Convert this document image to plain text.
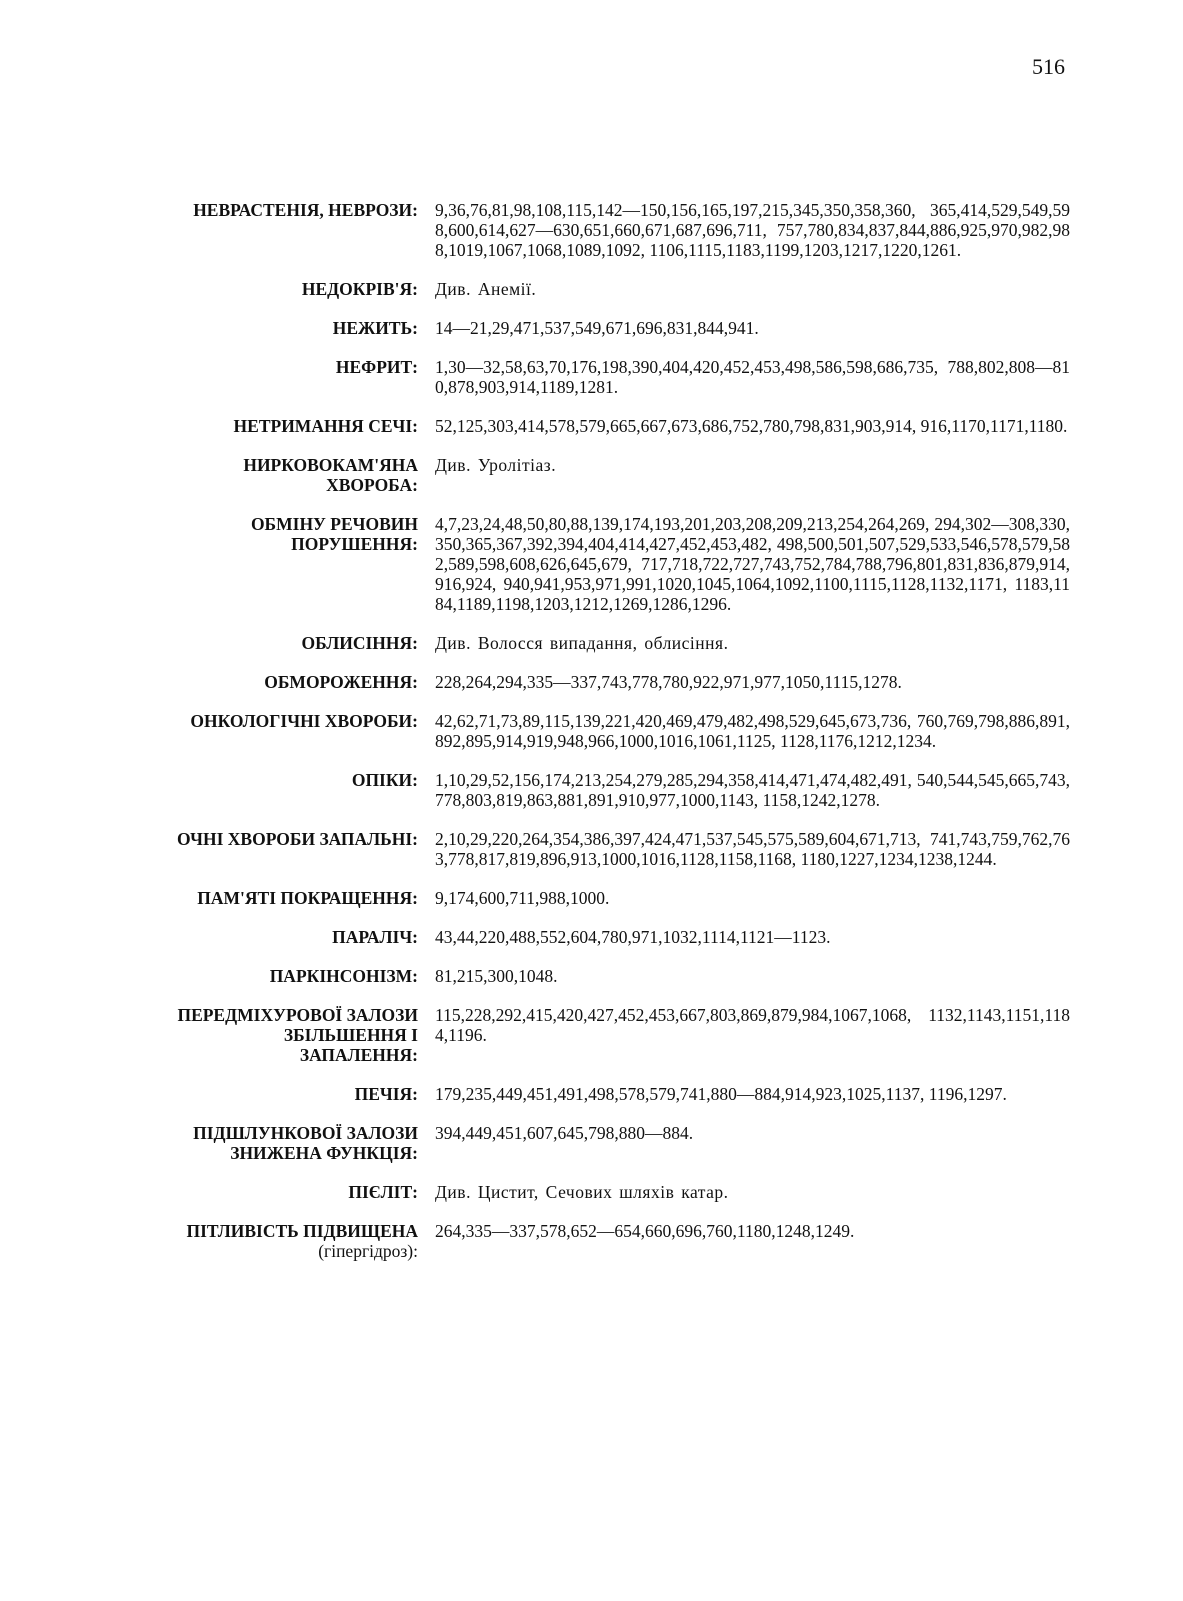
516
НЕВРАСТЕНІЯ, НЕВРОЗИ: 9,36,76,81,98,108,115,142—150,156,165,197,215,345,350,358,360, 365,414,529,549,598,600,614,627—630,651,660,671,687,696,711, 757,780,834,837,844,886,925,970,982,988,1019,1067,1068,1089,1092, 1106,1115,1183,1199,1203,1217,1220,1261.
НЕДОКРІВ'Я: Див. Анемії.
НЕЖИТЬ: 14—21,29,471,537,549,671,696,831,844,941.
НЕФРИТ: 1,30—32,58,63,70,176,198,390,404,420,452,453,498,586,598,686,735, 788,802,808—810,878,903,914,1189,1281.
НЕТРИМАННЯ СЕЧІ: 52,125,303,414,578,579,665,667,673,686,752,780,798,831,903,914, 916,1170,1171,1180.
НИРКОВОКАМ'ЯНА
ХВОРОБА:
Див. Уролітіаз.
ОБМІНУ РЕЧОВИН
ПОРУШЕННЯ:
4,7,23,24,48,50,80,88,139,174,193,201,203,208,209,213,254,264,269, 294,302—308,330,350,365,367,392,394,404,414,427,452,453,482, 498,500,501,507,529,533,546,578,579,582,589,598,608,626,645,679, 717,718,722,727,743,752,784,788,796,801,831,836,879,914,916,924, 940,941,953,971,991,1020,1045,1064,1092,1100,1115,1128,1132,1171, 1183,1184,1189,1198,1203,1212,1269,1286,1296.
ОБЛИСІННЯ: Див. Волосся випадання, облисіння.
ОБМОРОЖЕННЯ: 228,264,294,335—337,743,778,780,922,971,977,1050,1115,1278.
ОНКОЛОГІЧНІ ХВОРОБИ: 42,62,71,73,89,115,139,221,420,469,479,482,498,529,645,673,736, 760,769,798,886,891,892,895,914,919,948,966,1000,1016,1061,1125, 1128,1176,1212,1234.
ОПІКИ: 1,10,29,52,156,174,213,254,279,285,294,358,414,471,474,482,491, 540,544,545,665,743,778,803,819,863,881,891,910,977,1000,1143, 1158,1242,1278.
ОЧНІ ХВОРОБИ ЗАПАЛЬНІ: 2,10,29,220,264,354,386,397,424,471,537,545,575,589,604,671,713, 741,743,759,762,763,778,817,819,896,913,1000,1016,1128,1158,1168, 1180,1227,1234,1238,1244.
ПАМ'ЯТІ ПОКРАЩЕННЯ: 9,174,600,711,988,1000.
ПАРАЛІЧ: 43,44,220,488,552,604,780,971,1032,1114,1121—1123.
ПАРКІНСОНІЗМ: 81,215,300,1048.
ПЕРЕДМІХУРОВОЇ ЗАЛОЗИ
ЗБІЛЬШЕННЯ І
ЗАПАЛЕННЯ:
115,228,292,415,420,427,452,453,667,803,869,879,984,1067,1068, 1132,1143,1151,1184,1196.
ПЕЧІЯ: 179,235,449,451,491,498,578,579,741,880—884,914,923,1025,1137, 1196,1297.
ПІДШЛУНКОВОЇ ЗАЛОЗИ
ЗНИЖЕНА ФУНКЦІЯ:
394,449,451,607,645,798,880—884.
ПІЄЛІТ: Див. Цистит, Сечових шляхів катар.
ПІТЛИВІСТЬ ПІДВИЩЕНА
(гіпергідроз):
264,335—337,578,652—654,660,696,760,1180,1248,1249.
